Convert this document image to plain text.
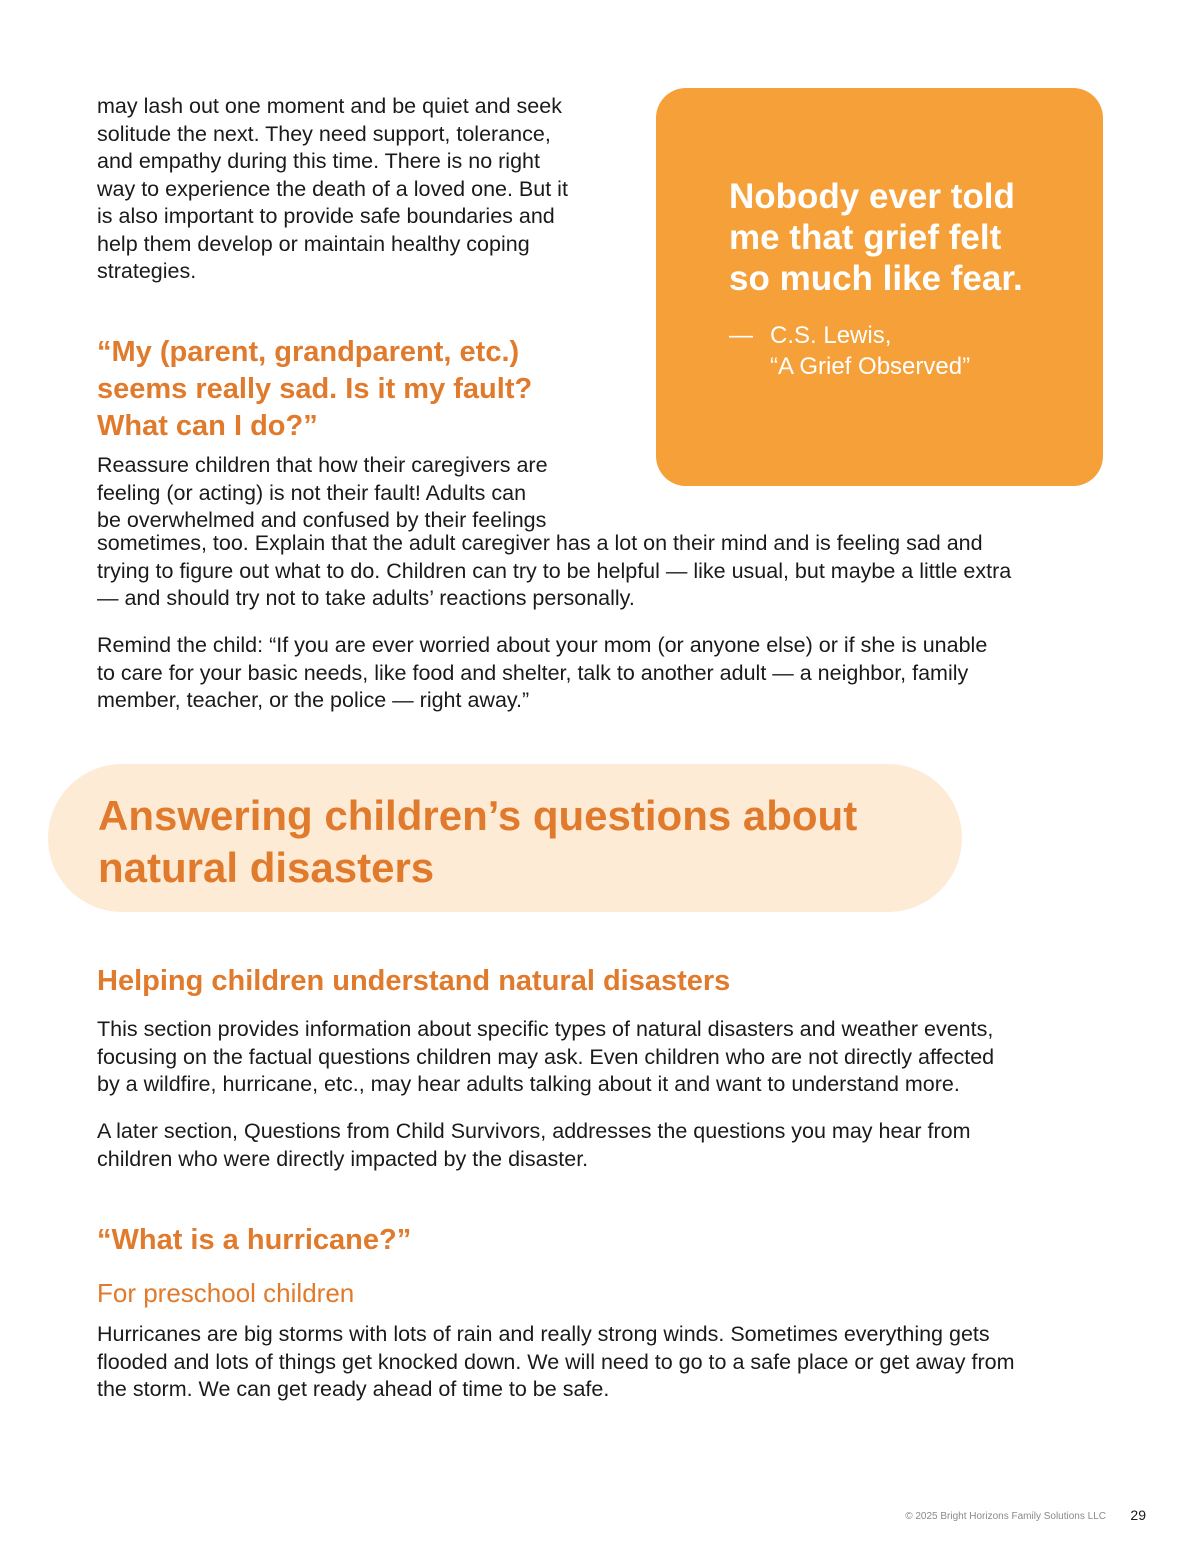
may lash out one moment and be quiet and seek
solitude the next. They need support, tolerance,
and empathy during this time. There is no right
way to experience the death of a loved one. But it
is also important to provide safe boundaries and
help them develop or maintain healthy coping
strategies.

Nobody ever told
me that grief felt
so much like fear.

— C.S. Lewis,
“A Grief Observed”
“My (parent, grandparent, etc.)
seems really sad. Is it my fault?
What can I do?”

Reassure children that how their caregivers are
feeling (or acting) is not their fault! Adults can
be overwhelmed and confused by their feelings

sometimes, too. Explain that the adult caregiver has a lot on their mind and is feeling sad and
trying to figure out what to do. Children can try to be helpful — like usual, but maybe a little extra
— and should try not to take adults’ reactions personally.

Remind the child: “If you are ever worried about your mom (or anyone else) or if she is unable
to care for your basic needs, like food and shelter, talk to another adult — a neighbor, family
member, teacher, or the police — right away.”

Answering children’s questions about
natural disasters
Helping children understand natural disasters

This section provides information about specific types of natural disasters and weather events,
focusing on the factual questions children may ask. Even children who are not directly affected
by a wildfire, hurricane, etc., may hear adults talking about it and want to understand more.

A later section, Questions from Child Survivors, addresses the questions you may hear from
children who were directly impacted by the disaster.

“What is a hurricane?”
For preschool children

Hurricanes are big storms with lots of rain and really strong winds. Sometimes everything gets
flooded and lots of things get knocked down. We will need to go to a safe place or get away from
the storm. We can get ready ahead of time to be safe.

© 2025 Bright Horizons Family Solutions LLC	29
